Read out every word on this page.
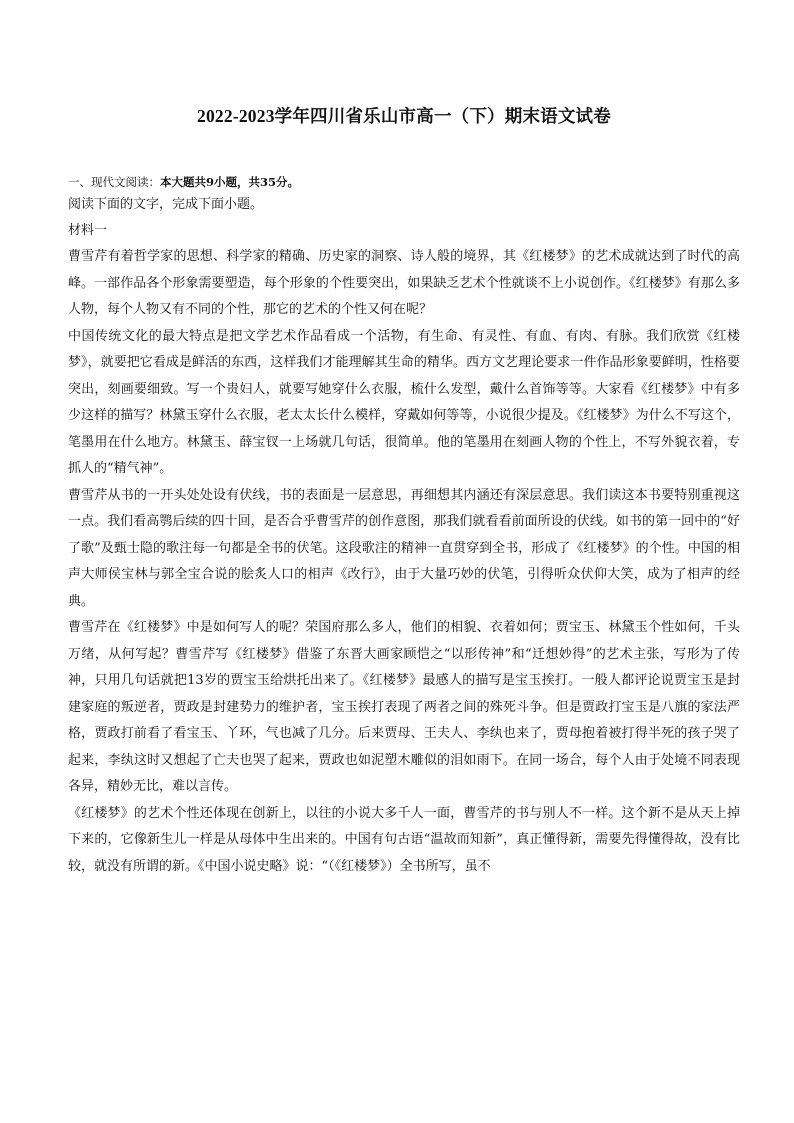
2022-2023学年四川省乐山市高一（下）期末语文试卷
一、现代文阅读：本大题共9小题，共35分。
阅读下面的文字，完成下面小题。
材料一

曹雪芹有着哲学家的思想、科学家的精确、历史家的洞察、诗人般的境界，其《红楼梦》的艺术成就达到了时代的高峰。一部作品各个形象需要塑造，每个形象的个性要突出，如果缺乏艺术个性就谈不上小说创作。《红楼梦》有那么多人物，每个人物又有不同的个性，那它的艺术的个性又何在呢？

中国传统文化的最大特点是把文学艺术作品看成一个活物，有生命、有灵性、有血、有肉、有脉。我们欣赏《红楼梦》，就要把它看成是鲜活的东西，这样我们才能理解其生命的精华。西方文艺理论要求一件作品形象要鲜明，性格要突出，刻画要细致。写一个贵妇人，就要写她穿什么衣服，梳什么发型，戴什么首饰等等。大家看《红楼梦》中有多少这样的描写？林黛玉穿什么衣服，老太太长什么模样，穿戴如何等等，小说很少提及。《红楼梦》为什么不写这个，笔墨用在什么地方。林黛玉、薛宝钗一上场就几句话，很简单。他的笔墨用在刻画人物的个性上，不写外貌衣着，专抓人的“精气神”。

曹雪芹从书的一开头处处设有伏线，书的表面是一层意思，再细想其内涵还有深层意思。我们读这本书要特别重视这一点。我们看高鹗后续的四十回，是否合乎曹雪芹的创作意图，那我们就看看前面所设的伏线。如书的第一回中的“好了歌”及甄士隐的歌注每一句都是全书的伏笔。这段歌注的精神一直贯穿到全书，形成了《红楼梦》的个性。中国的相声大师侯宝林与郭全宝合说的脍炙人口的相声《改行》，由于大量巧妙的伏笔，引得听众伏仰大笑，成为了相声的经典。

曹雪芹在《红楼梦》中是如何写人的呢？荣国府那么多人，他们的相貌、衣着如何；贾宝玉、林黛玉个性如何，千头万绪，从何写起？曹雪芹写《红楼梦》借鉴了东晋大画家顾恺之“以形传神”和“迁想妙得”的艺术主张，写形为了传神，只用几句话就把13岁的贾宝玉给烘托出来了。《红楼梦》最感人的描写是宝玉挨打。一般人都评论说贾宝玉是封建家庭的叛逆者，贾政是封建势力的维护者，宝玉挨打表现了两者之间的殊死斗争。但是贾政打宝玉是八旗的家法严格，贾政打前看了看宝玉、丫环，气也减了几分。后来贾母、王夫人、李纨也来了，贾母抱着被打得半死的孩子哭了起来，李纨这时又想起了亡夫也哭了起来，贾政也如泥塑木雕似的泪如雨下。在同一场合，每个人由于处境不同表现各异，精妙无比，难以言传。

《红楼梦》的艺术个性还体现在创新上，以往的小说大多千人一面，曹雪芹的书与别人不一样。这个新不是从天上掉下来的，它像新生儿一样是从母体中生出来的。中国有句古语“温故而知新”，真正懂得新，需要先得懂得故，没有比较，就没有所谓的新。《中国小说史略》说：“（《红楼梦》）全书所写，虽不
